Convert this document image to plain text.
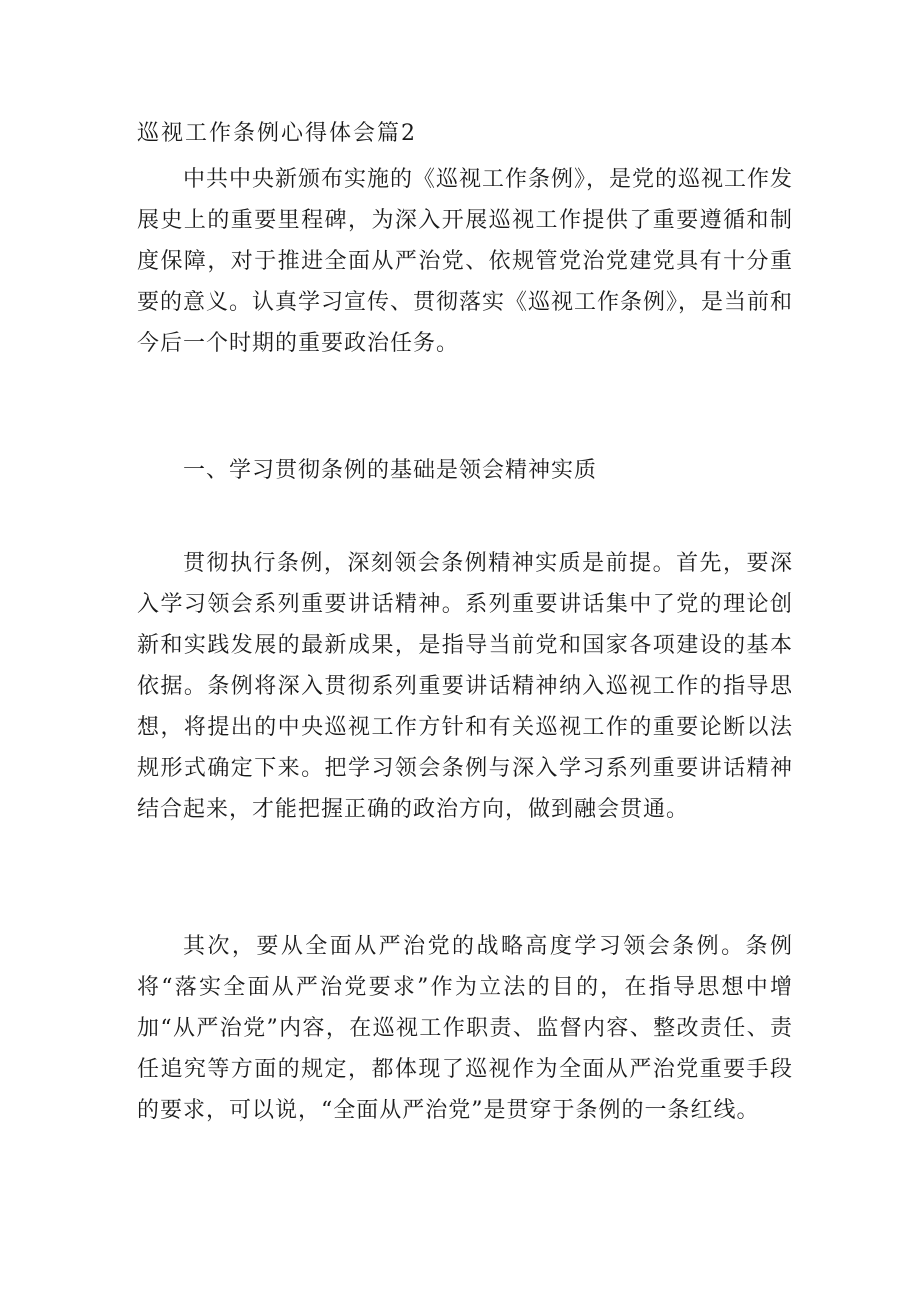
巡视工作条例心得体会篇2

中共中央新颁布实施的《巡视工作条例》，是党的巡视工作发展史上的重要里程碑，为深入开展巡视工作提供了重要遵循和制度保障，对于推进全面从严治党、依规管党治党建党具有十分重要的意义。认真学习宣传、贯彻落实《巡视工作条例》，是当前和今后一个时期的重要政治任务。

一、学习贯彻条例的基础是领会精神实质

贯彻执行条例，深刻领会条例精神实质是前提。首先，要深入学习领会系列重要讲话精神。系列重要讲话集中了党的理论创新和实践发展的最新成果，是指导当前党和国家各项建设的基本依据。条例将深入贯彻系列重要讲话精神纳入巡视工作的指导思想，将提出的中央巡视工作方针和有关巡视工作的重要论断以法规形式确定下来。把学习领会条例与深入学习系列重要讲话精神结合起来，才能把握正确的政治方向，做到融会贯通。

其次，要从全面从严治党的战略高度学习领会条例。条例将“落实全面从严治党要求”作为立法的目的，在指导思想中增加“从严治党”内容，在巡视工作职责、监督内容、整改责任、责任追究等方面的规定，都体现了巡视作为全面从严治党重要手段的要求，可以说，“全面从严治党”是贯穿于条例的一条红线。
